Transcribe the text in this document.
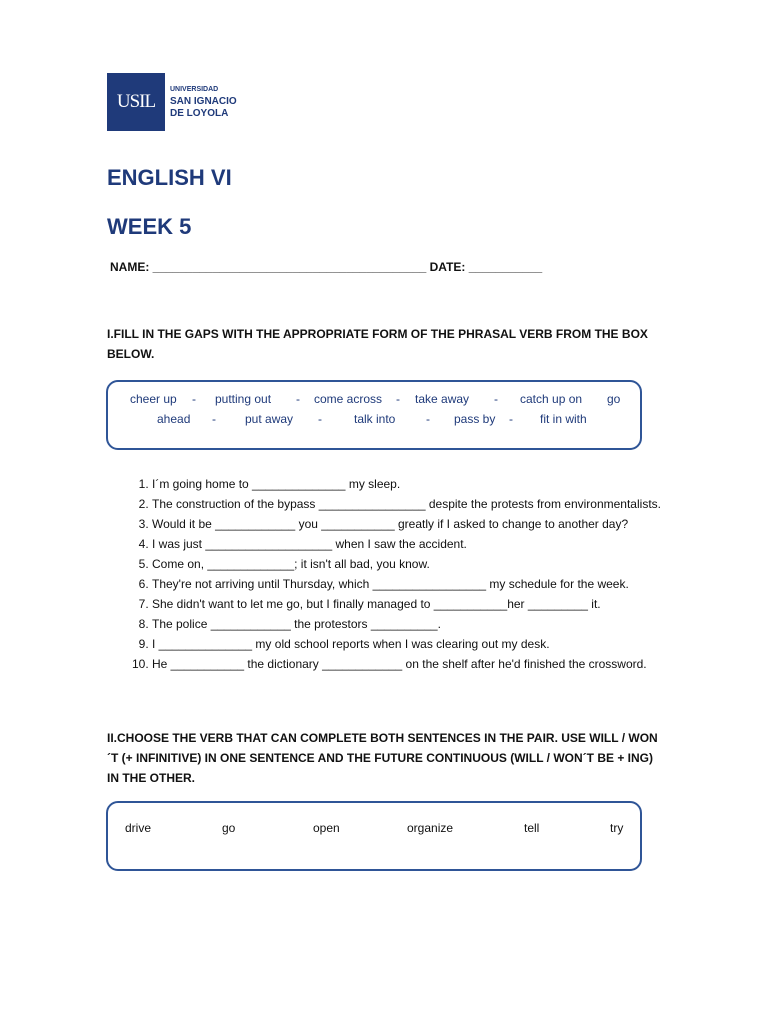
USIL
UNIVERSIDAD
SAN IGNACIO
DE LOYOLA
ENGLISH VI
WEEK 5
NAME: _________________________________________ DATE: ___________
I.FILL IN THE GAPS WITH THE APPROPRIATE FORM OF THE PHRASAL VERB FROM THE BOX BELOW.
cheer up - putting out - come across - take away - catch up on go
ahead - put away -	talk into	- pass by - fit in with
1. I´m going home to ______________ my sleep.
2. The construction of the bypass ________________ despite the protests from environmentalists.
3. Would it be ____________ you ___________ greatly if I asked to change to another day?
4. I was just ___________________ when I saw the accident.
5. Come on, _____________; it isn't all bad, you know.
6. They're not arriving until Thursday, which _________________ my schedule for the week.
7. She didn't want to let me go, but I finally managed to ___________her _________ it.
8. The police ____________ the protestors __________.
9. I ______________ my old school reports when I was clearing out my desk.
10. He ___________ the dictionary ____________ on the shelf after he'd finished the crossword.
II.CHOOSE THE VERB THAT CAN COMPLETE BOTH SENTENCES IN THE PAIR. USE WILL / WON´T (+ INFINITIVE) IN ONE SENTENCE AND THE FUTURE CONTINUOUS (WILL / WON´T BE + ING) IN THE OTHER.
drive	go	open	organize	tell	try
